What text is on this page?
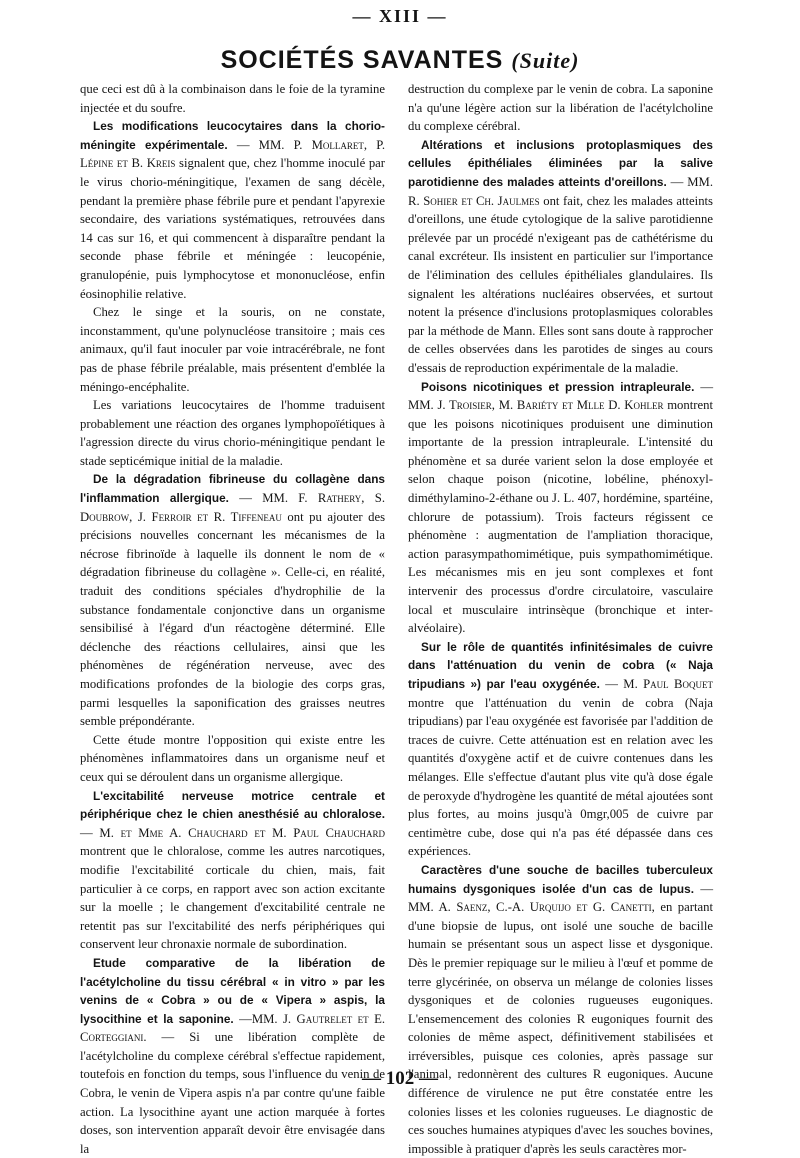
— XIII —
SOCIÉTÉS SAVANTES (Suite)

que ceci est dû à la combinaison dans le foie de la tyramine injectée et du soufre.

Les modifications leucocytaires dans la chorio-méningite expérimentale. — MM. P. Mollaret, P. Lépine et B. Kreis signalent que, chez l'homme inoculé par le virus chorio-méningitique, l'examen de sang décèle, pendant la première phase fébrile pure et pendant l'apyrexie secondaire, des variations systématiques, retrouvées dans 14 cas sur 16, et qui commencent à disparaître pendant la seconde phase fébrile et méningée : leucopénie, granulopénie, puis lymphocytose et mononucléose, enfin éosinophilie relative.

Chez le singe et la souris, on ne constate, inconstamment, qu'une polynucléose transitoire ; mais ces animaux, qu'il faut inoculer par voie intracérébrale, ne font pas de phase fébrile préalable, mais présentent d'emblée la méningo-encéphalite.

Les variations leucocytaires de l'homme traduisent probablement une réaction des organes lymphopoïétiques à l'agression directe du virus chorio-méningitique pendant le stade septicémique initial de la maladie.

De la dégradation fibrineuse du collagène dans l'inflammation allergique. — MM. F. Rathery, S. Doubrow, J. Ferroir et R. Tiffeneau ont pu ajouter des précisions nouvelles concernant les mécanismes de la nécrose fibrinoïde à laquelle ils donnent le nom de « dégradation fibrineuse du collagène ». Celle-ci, en réalité, traduit des conditions spéciales d'hydrophilie de la substance fondamentale conjonctive dans un organisme sensibilisé à l'égard d'un réactogène déterminé. Elle déclenche des réactions cellulaires, ainsi que les phénomènes de régénération nerveuse, avec des modifications profondes de la biologie des corps gras, parmi lesquelles la saponification des graisses neutres semble prépondérante.

Cette étude montre l'opposition qui existe entre les phénomènes inflammatoires dans un organisme neuf et ceux qui se déroulent dans un organisme allergique.

L'excitabilité nerveuse motrice centrale et périphérique chez le chien anesthésié au chloralose. — M. et Mme A. Chauchard et M. Paul Chauchard montrent que le chloralose, comme les autres narcotiques, modifie l'excitabilité corticale du chien, mais, fait particulier à ce corps, en rapport avec son action excitante sur la moelle ; le changement d'excitabilité centrale ne retentit pas sur l'excitabilité des nerfs périphériques qui conservent leur chronaxie normale de subordination.

Etude comparative de la libération de l'acétylcholine du tissu cérébral « in vitro » par les venins de « Cobra » ou de « Vipera » aspis, la lysocithine et la saponine. —MM. J. Gautrelet et E. Corteggiani. — Si une libération complète de l'acétylcholine du complexe cérébral s'effectue rapidement, toutefois en fonction du temps, sous l'influence du venin de Cobra, le venin de Vipera aspis n'a par contre qu'une faible action. La lysocithine ayant une action marquée à fortes doses, son intervention apparaît devoir être envisagée dans la

destruction du complexe par le venin de cobra. La saponine n'a qu'une légère action sur la libération de l'acétylcholine du complexe cérébral.

Altérations et inclusions protoplasmiques des cellules épithéliales éliminées par la salive parotidienne des malades atteints d'oreillons. — MM. R. Sohier et Ch. Jaulmes ont fait, chez les malades atteints d'oreillons, une étude cytologique de la salive parotidienne prélevée par un procédé n'exigeant pas de cathétérisme du canal excréteur. Ils insistent en particulier sur l'importance de l'élimination des cellules épithéliales glandulaires. Ils signalent les altérations nucléaires observées, et surtout notent la présence d'inclusions protoplasmiques colorables par la méthode de Mann. Elles sont sans doute à rapprocher de celles observées dans les parotides de singes au cours d'essais de reproduction expérimentale de la maladie.

Poisons nicotiniques et pression intrapleurale. — MM. J. Troisier, M. Bariéty et Mlle D. Kohler montrent que les poisons nicotiniques produisent une diminution importante de la pression intrapleurale. L'intensité du phénomène et sa durée varient selon la dose employée et selon chaque poison (nicotine, lobéline, phénoxyl-diméthylamino-2-éthane ou J. L. 407, hordémine, spartéine, chlorure de potassium). Trois facteurs régissent ce phénomène : augmentation de l'ampliation thoracique, action parasympathomimétique, puis sympathomimétique. Les mécanismes mis en jeu sont complexes et font intervenir des processus d'ordre circulatoire, vasculaire local et musculaire intrinsèque (bronchique et inter-alvéolaire).

Sur le rôle de quantités infinitésimales de cuivre dans l'atténuation du venin de cobra (« Naja tripudians ») par l'eau oxygénée. — M. Paul Boquet montre que l'atténuation du venin de cobra (Naja tripudians) par l'eau oxygénée est favorisée par l'addition de traces de cuivre. Cette atténuation est en relation avec les quantités d'oxygène actif et de cuivre contenues dans les mélanges. Elle s'effectue d'autant plus vite qu'à dose égale de peroxyde d'hydrogène les quantité de métal ajoutées sont plus fortes, au moins jusqu'à 0mgr,005 de cuivre par centimètre cube, dose qui n'a pas été dépassée dans ces expériences.

Caractères d'une souche de bacilles tuberculeux humains dysgoniques isolée d'un cas de lupus. — MM. A. Saenz, C.-A. Urquijo et G. Canetti, en partant d'une biopsie de lupus, ont isolé une souche de bacille humain se présentant sous un aspect lisse et dysgonique. Dès le premier repiquage sur le milieu à l'œuf et pomme de terre glycérinée, on observa un mélange de colonies lisses dysgoniques et de colonies rugueuses eugoniques. L'ensemencement des colonies R eugoniques fournit des colonies de même aspect, définitivement stabilisées et irréversibles, puisque ces colonies, après passage sur l'animal, redonnèrent des cultures R eugoniques. Aucune différence de virulence ne put être constatée entre les colonies lisses et les colonies rugueuses. Le diagnostic de ces souches humaines atypiques d'avec les souches bovines, impossible à pratiquer d'après les seuls caractères mor-

— 102 —
